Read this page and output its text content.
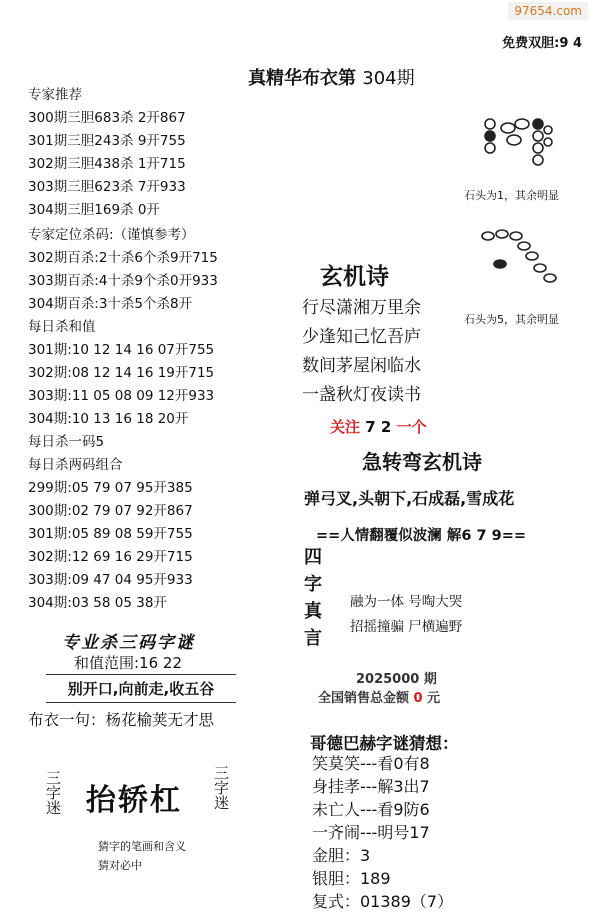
97654.com
免费双胆:9 4
真精华布衣第 304期
专家推荐
300期三胆683杀 2开867
301期三胆243杀 9开755
302期三胆438杀 1开715
303期三胆623杀 7开933
304期三胆169杀 0开
专家定位杀码:（谨慎参考）
302期百杀:2十杀6个杀9开715
303期百杀:4十杀9个杀0开933
304期百杀:3十杀5个杀8开
每日杀和值
301期:10 12 14 16 07开755
302期:08 12 14 16 19开715
303期:11 05 08 09 12开933
304期:10 13 16 18 20开
每日杀一码5
每日杀两码组合
299期:05 79 07 95开385
300期:02 79 07 92开867
301期:05 89 08 59开755
302期:12 69 16 29开715
303期:09 47 04 95开933
304期:03 58 05 38开
专业杀三码字谜
和值范围:16 22
别开口,向前走,收五谷
布衣一句：杨花榆荚无才思
三字迷 抬轿杠 三字迷
猜字的笔画和含义
猜对必中
石头为1，其余明显
石头为5，其余明显
玄机诗
行尽潇湘万里余
少逢知己忆吾庐
数间茅屋闲临水
一盏秋灯夜读书
关注 7 2 一个
急转弯玄机诗
弹弓叉,头朝下,石成磊,雪成花
==人情翻覆似波澜 解6 7 9==
四字真言
融为一体 号啕大哭
招摇撞骗 尸横遍野
2025000 期
全国销售总金额 0 元
哥德巴赫字谜猜想：
笑莫笑---看0有8
身挂孝---解3出7
未亡人---看9防6
一齐闹---明号17
金胆：3
银胆：189
复式：01389（7）
